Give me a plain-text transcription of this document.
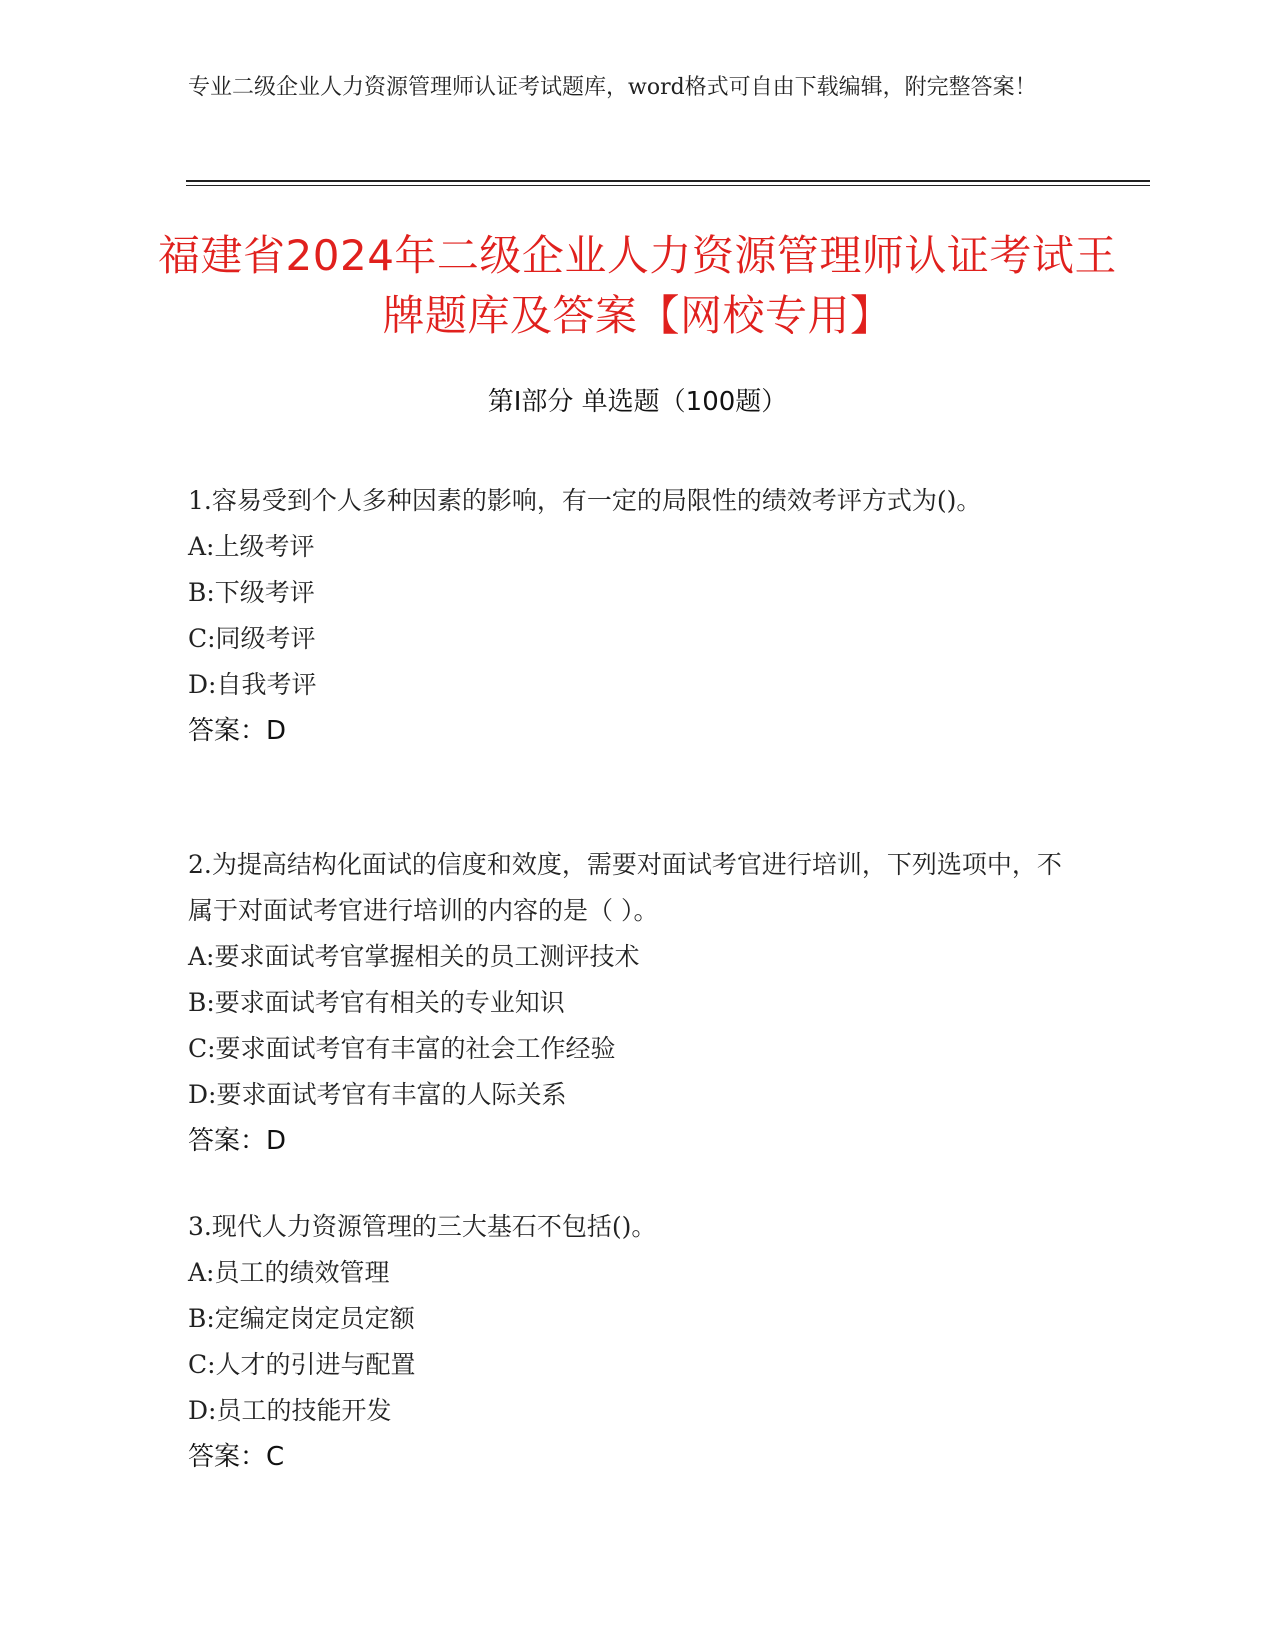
专业二级企业人力资源管理师认证考试题库，word格式可自由下载编辑，附完整答案！
福建省2024年二级企业人力资源管理师认证考试王牌题库及答案【网校专用】
第I部分 单选题（100题）
1.容易受到个人多种因素的影响，有一定的局限性的绩效考评方式为()。
A:上级考评
B:下级考评
C:同级考评
D:自我考评
答案：D
2.为提高结构化面试的信度和效度，需要对面试考官进行培训，下列选项中，不属于对面试考官进行培训的内容的是（ ）。
A:要求面试考官掌握相关的员工测评技术
B:要求面试考官有相关的专业知识
C:要求面试考官有丰富的社会工作经验
D:要求面试考官有丰富的人际关系
答案：D
3.现代人力资源管理的三大基石不包括()。
A:员工的绩效管理
B:定编定岗定员定额
C:人才的引进与配置
D:员工的技能开发
答案：C
